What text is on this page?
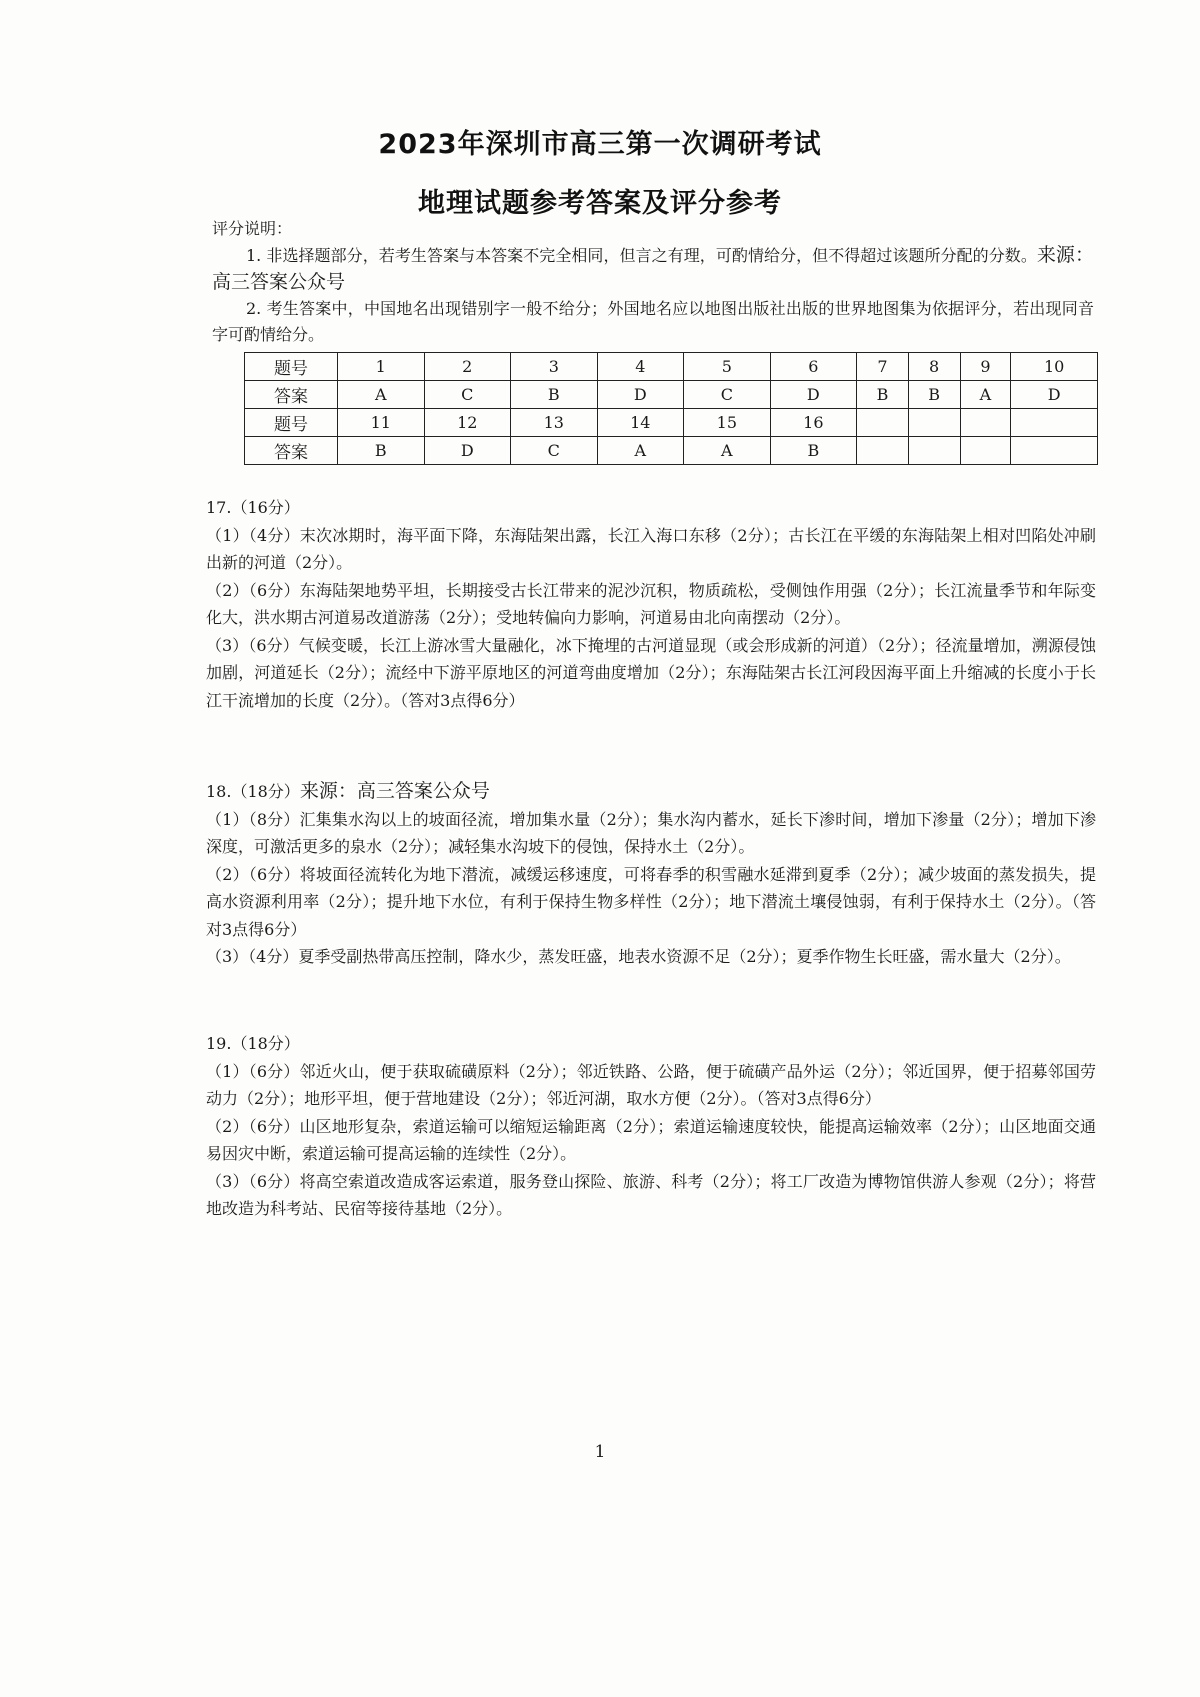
2023年深圳市高三第一次调研考试
地理试题参考答案及评分参考
评分说明：

1. 非选择题部分，若考生答案与本答案不完全相同，但言之有理，可酌情给分，但不得超过该题所分配的分数。来源：高三答案公众号

2. 考生答案中，中国地名出现错别字一般不给分；外国地名应以地图出版社出版的世界地图集为依据评分，若出现同音字可酌情给分。

题号	1	2	3	4	5	6	7	8	9	10
答案	A	C	B	D	C	D	B	B	A	D
题号	11	12	13	14	15	16				
答案	B	D	C	A	A	B				
17.（16分）

（1）（4分）末次冰期时，海平面下降，东海陆架出露，长江入海口东移（2分）；古长江在平缓的东海陆架上相对凹陷处冲刷出新的河道（2分）。

（2）（6分）东海陆架地势平坦，长期接受古长江带来的泥沙沉积，物质疏松，受侧蚀作用强（2分）；长江流量季节和年际变化大，洪水期古河道易改道游荡（2分）；受地转偏向力影响，河道易由北向南摆动（2分）。

（3）（6分）气候变暖，长江上游冰雪大量融化，冰下掩埋的古河道显现（或会形成新的河道）（2分）；径流量增加，溯源侵蚀加剧，河道延长（2分）；流经中下游平原地区的河道弯曲度增加（2分）；东海陆架古长江河段因海平面上升缩减的长度小于长江干流增加的长度（2分）。（答对3点得6分）

18.（18分）来源：高三答案公众号

（1）（8分）汇集集水沟以上的坡面径流，增加集水量（2分）；集水沟内蓄水，延长下渗时间，增加下渗量（2分）；增加下渗深度，可激活更多的泉水（2分）；减轻集水沟坡下的侵蚀，保持水土（2分）。

（2）（6分）将坡面径流转化为地下潜流，减缓运移速度，可将春季的积雪融水延滞到夏季（2分）；减少坡面的蒸发损失，提高水资源利用率（2分）；提升地下水位，有利于保持生物多样性（2分）；地下潜流土壤侵蚀弱，有利于保持水土（2分）。（答对3点得6分）

（3）（4分）夏季受副热带高压控制，降水少，蒸发旺盛，地表水资源不足（2分）；夏季作物生长旺盛，需水量大（2分）。

19.（18分）

（1）（6分）邻近火山，便于获取硫磺原料（2分）；邻近铁路、公路，便于硫磺产品外运（2分）；邻近国界，便于招募邻国劳动力（2分）；地形平坦，便于营地建设（2分）；邻近河湖，取水方便（2分）。（答对3点得6分）

（2）（6分）山区地形复杂，索道运输可以缩短运输距离（2分）；索道运输速度较快，能提高运输效率（2分）；山区地面交通易因灾中断，索道运输可提高运输的连续性（2分）。

（3）（6分）将高空索道改造成客运索道，服务登山探险、旅游、科考（2分）；将工厂改造为博物馆供游人参观（2分）；将营地改造为科考站、民宿等接待基地（2分）。

1
